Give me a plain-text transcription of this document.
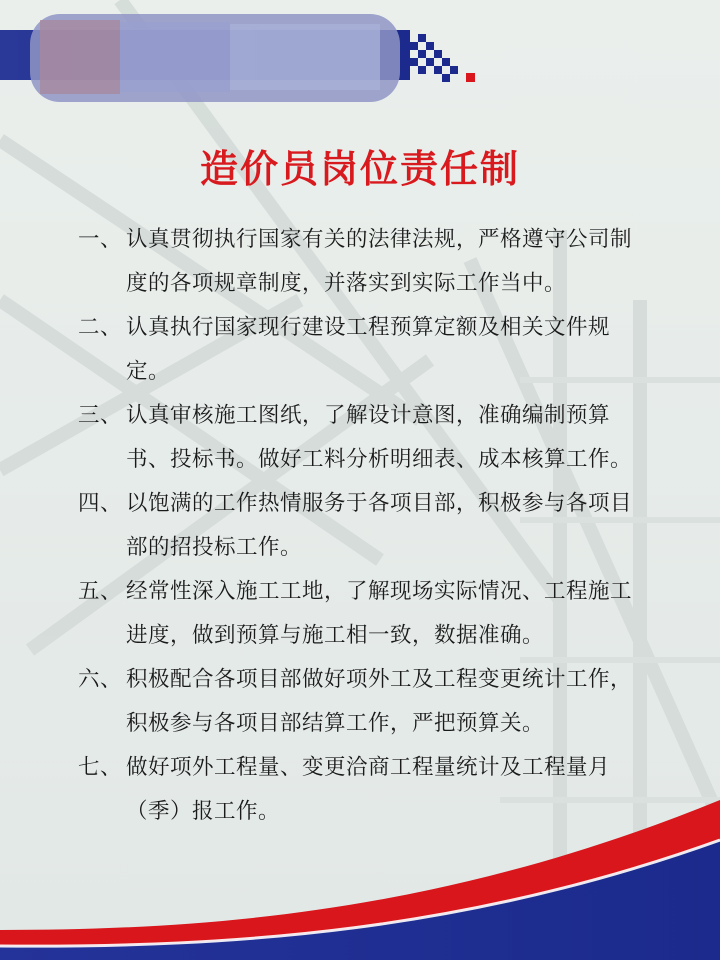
造价员岗位责任制
一、 认真贯彻执行国家有关的法律法规，严格遵守公司制度的各项规章制度，并落实到实际工作当中。
二、 认真执行国家现行建设工程预算定额及相关文件规定。
三、 认真审核施工图纸，了解设计意图，准确编制预算书、投标书。做好工料分析明细表、成本核算工作。
四、 以饱满的工作热情服务于各项目部，积极参与各项目部的招投标工作。
五、 经常性深入施工工地，了解现场实际情况、工程施工进度，做到预算与施工相一致，数据准确。
六、 积极配合各项目部做好项外工及工程变更统计工作，积极参与各项目部结算工作，严把预算关。
七、 做好项外工程量、变更洽商工程量统计及工程量月（季）报工作。
